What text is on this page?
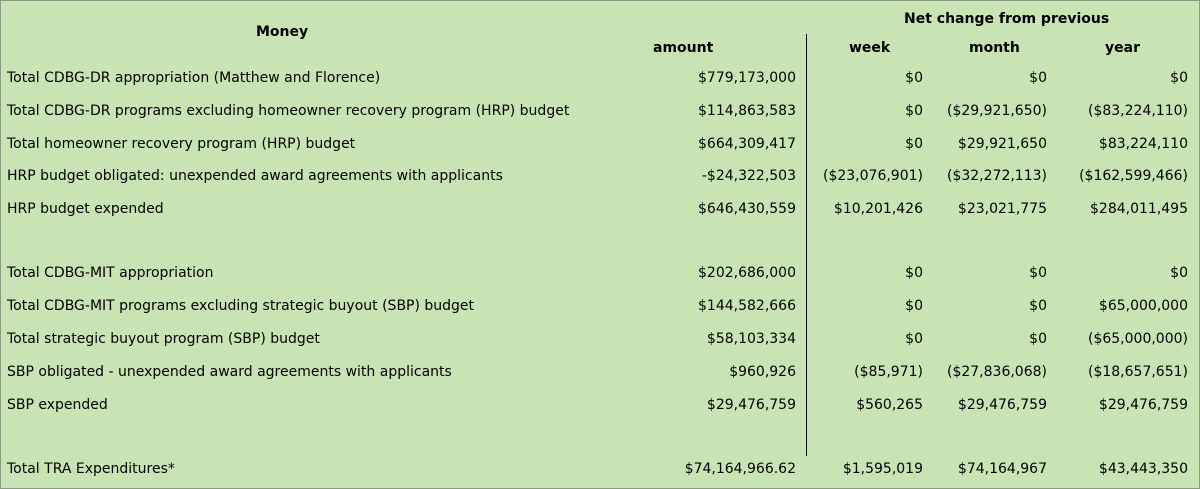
Money
Net change from previous
amount	week	month	year
Total CDBG-DR appropriation (Matthew and Florence)	$779,173,000	$0	$0	$0
Total CDBG-DR programs excluding homeowner recovery program (HRP) budget	$114,863,583	$0 ($29,921,650)	($83,224,110)
Total homeowner recovery program (HRP) budget	$664,309,417	$0 $29,921,650	$83,224,110
HRP budget obligated: unexpended award agreements with applicants	-$24,322,503 ($23,076,901) ($32,272,113) ($162,599,466)
HRP budget expended	$646,430,559	$10,201,426 $23,021,775	$284,011,495
Total CDBG-MIT appropriation	$202,686,000	$0	$0	$0
Total CDBG-MIT programs excluding strategic buyout (SBP) budget	$144,582,666	$0	$0	$65,000,000
Total strategic buyout program (SBP) budget	$58,103,334	$0	$0	($65,000,000)
SBP obligated - unexpended award agreements with applicants	$960,926	($85,971) ($27,836,068)	($18,657,651)
SBP expended	$29,476,759	$560,265 $29,476,759	$29,476,759
Total TRA Expenditures*	$74,164,966.62	$1,595,019 $74,164,967	$43,443,350
